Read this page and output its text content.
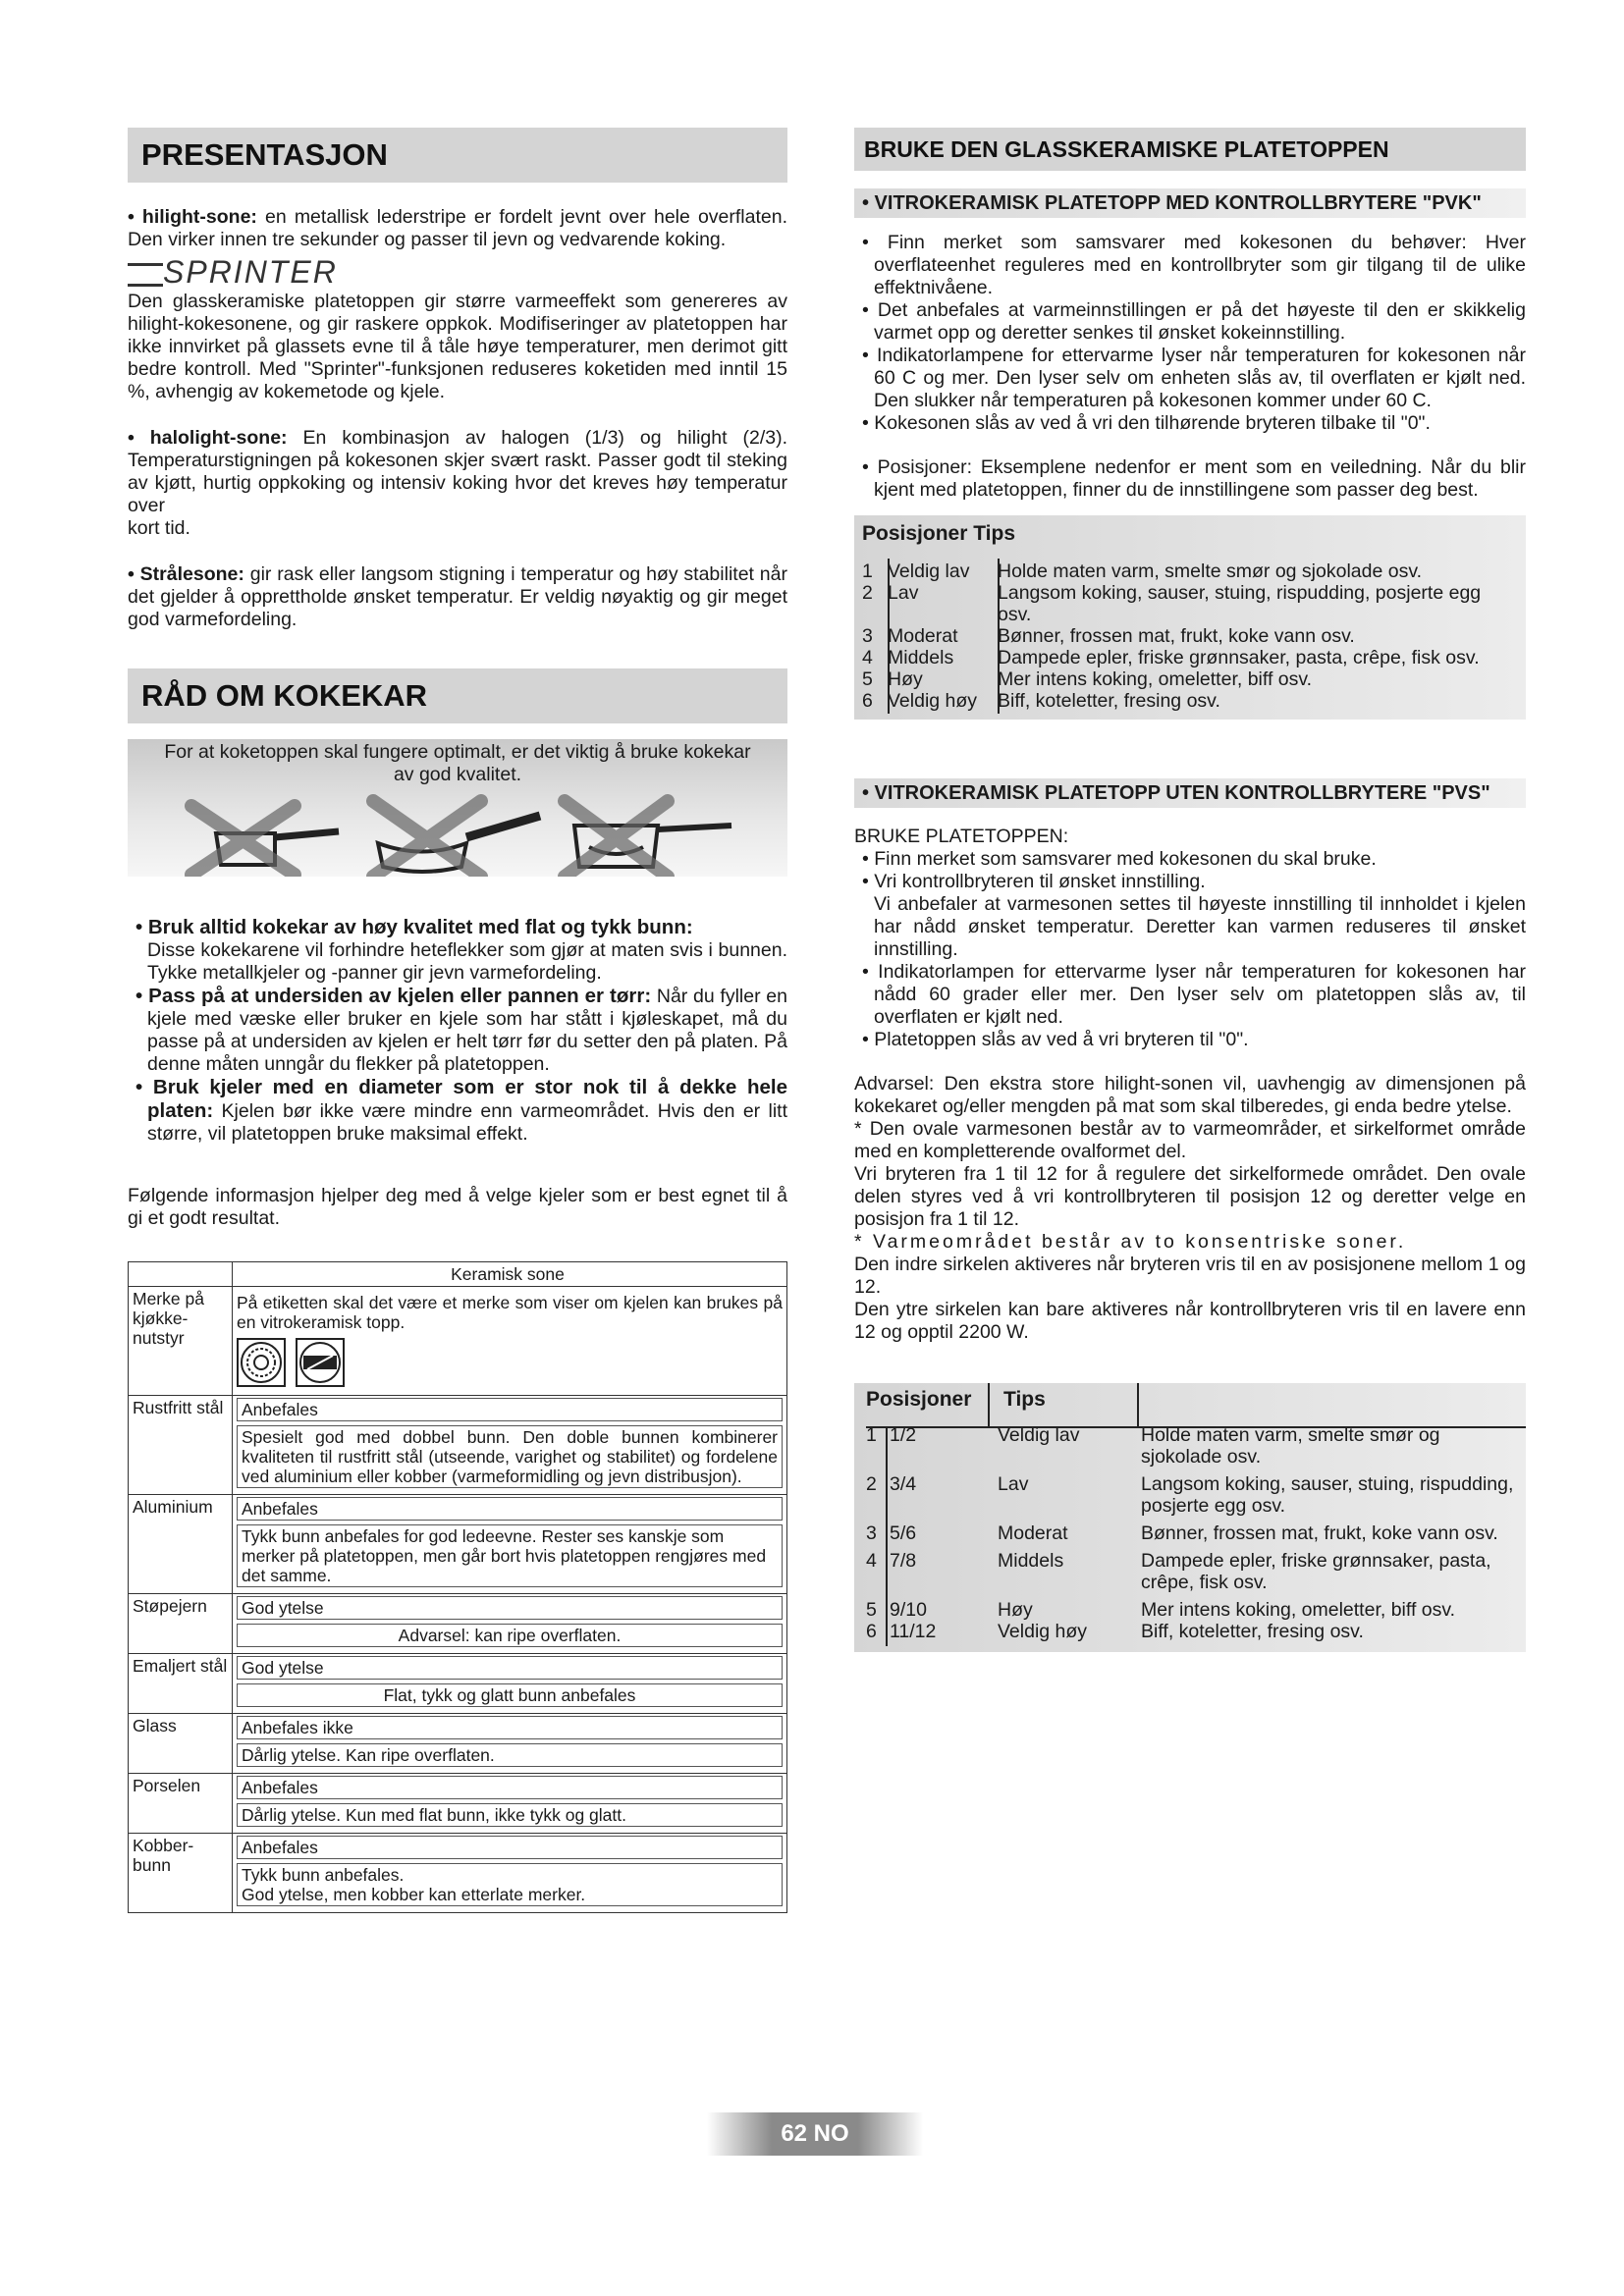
PRESENTASJON

• hilight-sone: en metallisk lederstripe er fordelt jevnt over hele overflaten. Den virker innen tre sekunder og passer til jevn og vedvarende koking.

SPRINTER

Den glasskeramiske platetoppen gir større varmeeffekt som genereres av hilight-kokesonene, og gir raskere oppkok. Modifiseringer av platetoppen har ikke innvirket på glassets evne til å tåle høye temperaturer, men derimot gitt bedre kontroll. Med "Sprinter"-funksjonen reduseres koketiden med inntil 15 %, avhengig av kokemetode og kjele.

• halolight-sone: En kombinasjon av halogen (1/3) og hilight (2/3). Temperaturstigningen på kokesonen skjer svært raskt. Passer godt til steking av kjøtt, hurtig oppkoking og intensiv koking hvor det kreves høy temperatur over

kort tid.

• Strålesone: gir rask eller langsom stigning i temperatur og høy stabilitet når det gjelder å opprettholde ønsket temperatur. Er veldig nøyaktig og gir meget god varmefordeling.

RÅD OM KOKEKAR
For at koketoppen skal fungere optimalt, er det viktig å bruke kokekar av god kvalitet.

• Bruk alltid kokekar av høy kvalitet med flat og tykk bunn:

Disse kokekarene vil forhindre heteflekker som gjør at maten svis i bunnen. Tykke metallkjeler og -panner gir jevn varmefordeling.

• Pass på at undersiden av kjelen eller pannen er tørr: Når du fyller en kjele med væske eller bruker en kjele som har stått i kjøleskapet, må du passe på at undersiden av kjelen er helt tørr før du setter den på platen. På denne måten unngår du flekker på platetoppen.

• Bruk kjeler med en diameter som er stor nok til å dekke hele platen: Kjelen bør ikke være mindre enn varmeområdet. Hvis den er litt større, vil platetoppen bruke maksimal effekt.

Følgende informasjon hjelper deg med å velge kjeler som er best egnet til å gi et godt resultat.

	Keramisk sone
Merke på kjøkke-nutstyr	På etiketten skal det være et merke som viser om kjelen kan brukes på en vitrokeramisk topp.

Rustfritt stål	Anbefales
Spesielt god med dobbel bunn. Den doble bunnen kombinerer kvaliteten til rustfritt stål (utseende, varighet og stabilitet) og fordelene ved aluminium eller kobber (varmeformidling og jevn distribusjon).

Aluminium	Anbefales
Tykk bunn anbefales for god ledeevne. Rester ses kanskje som merker på platetoppen, men går bort hvis platetoppen rengjøres med det samme.

Støpejern	God ytelse
Advarsel: kan ripe overflaten.

Emaljert stål	God ytelse
Flat, tykk og glatt bunn anbefales

Glass	Anbefales ikke
Dårlig ytelse. Kan ripe overflaten.

Porselen	Anbefales
Dårlig ytelse. Kun med flat bunn, ikke tykk og glatt.

Kobber-bunn	Anbefales
Tykk bunn anbefales.
God ytelse, men kobber kan etterlate merker.
BRUKE DEN GLASSKERAMISKE PLATETOPPEN
• VITROKERAMISK PLATETOPP MED KONTROLLBRYTERE "PVK"

• Finn merket som samsvarer med kokesonen du behøver: Hver overflateenhet reguleres med en kontrollbryter som gir tilgang til de ulike effektnivåene.

• Det anbefales at varmeinnstillingen er på det høyeste til den er skikkelig varmet opp og deretter senkes til ønsket kokeinnstilling.

• Indikatorlampene for ettervarme lyser når temperaturen for kokesonen når 60 C og mer. Den lyser selv om enheten slås av, til overflaten er kjølt ned. Den slukker når temperaturen på kokesonen kommer under 60 C.

• Kokesonen slås av ved å vri den tilhørende bryteren tilbake til "0".

• Posisjoner: Eksemplene nedenfor er ment som en veiledning. Når du blir kjent med platetoppen, finner du de innstillingene som passer deg best.

Posisjoner
Tips
1 Veldig lav	Holde maten varm, smelte smør og sjokolade osv.
2 Lav	Langsom koking, sauser, stuing, rispudding, posjerte egg osv.
3 Moderat	Bønner, frossen mat, frukt, koke vann osv.
4 Middels	Dampede epler, friske grønnsaker, pasta, crêpe, fisk osv.
5 Høy	Mer intens koking, omeletter, biff osv.
6 Veldig høy	Biff, koteletter, fresing osv.
• VITROKERAMISK PLATETOPP UTEN KONTROLLBRYTERE "PVS"

BRUKE PLATETOPPEN:

• Finn merket som samsvarer med kokesonen du skal bruke.

• Vri kontrollbryteren til ønsket innstilling.

Vi anbefaler at varmesonen settes til høyeste innstilling til innholdet i kjelen har nådd ønsket temperatur. Deretter kan varmen reduseres til ønsket innstilling.

• Indikatorlampen for ettervarme lyser når temperaturen for kokesonen har nådd 60 grader eller mer. Den lyser selv om platetoppen slås av, til overflaten er kjølt ned.

• Platetoppen slås av ved å vri bryteren til "0".

Advarsel: Den ekstra store hilight-sonen vil, uavhengig av dimensjonen på kokekaret og/eller mengden på mat som skal tilberedes, gi enda bedre ytelse.

* Den ovale varmesonen består av to varmeområder, et sirkelformet område med en kompletterende ovalformet del.

Vri bryteren fra 1 til 12 for å regulere det sirkelformede området. Den ovale delen styres ved å vri kontrollbryteren til posisjon 12 og deretter velge en posisjon fra 1 til 12.

* Varmeområdet består av to konsentriske soner.

Den indre sirkelen aktiveres når bryteren vris til en av posisjonene mellom 1 og 12.

Den ytre sirkelen kan bare aktiveres når kontrollbryteren vris til en lavere enn 12 og opptil 2200 W.

Posisjoner	Tips
1 1/2	Veldig lav	Holde maten varm, smelte smør og sjokolade osv.
2 3/4	Lav	Langsom koking, sauser, stuing, rispudding, posjerte egg osv.
3 5/6	Moderat	Bønner, frossen mat, frukt, koke vann osv.
4 7/8	Middels	Dampede epler, friske grønnsaker, pasta, crêpe, fisk osv.
5 9/10	Høy	Mer intens koking, omeletter, biff osv.
6 11/12	Veldig høy	Biff, koteletter, fresing osv.
62 NO
